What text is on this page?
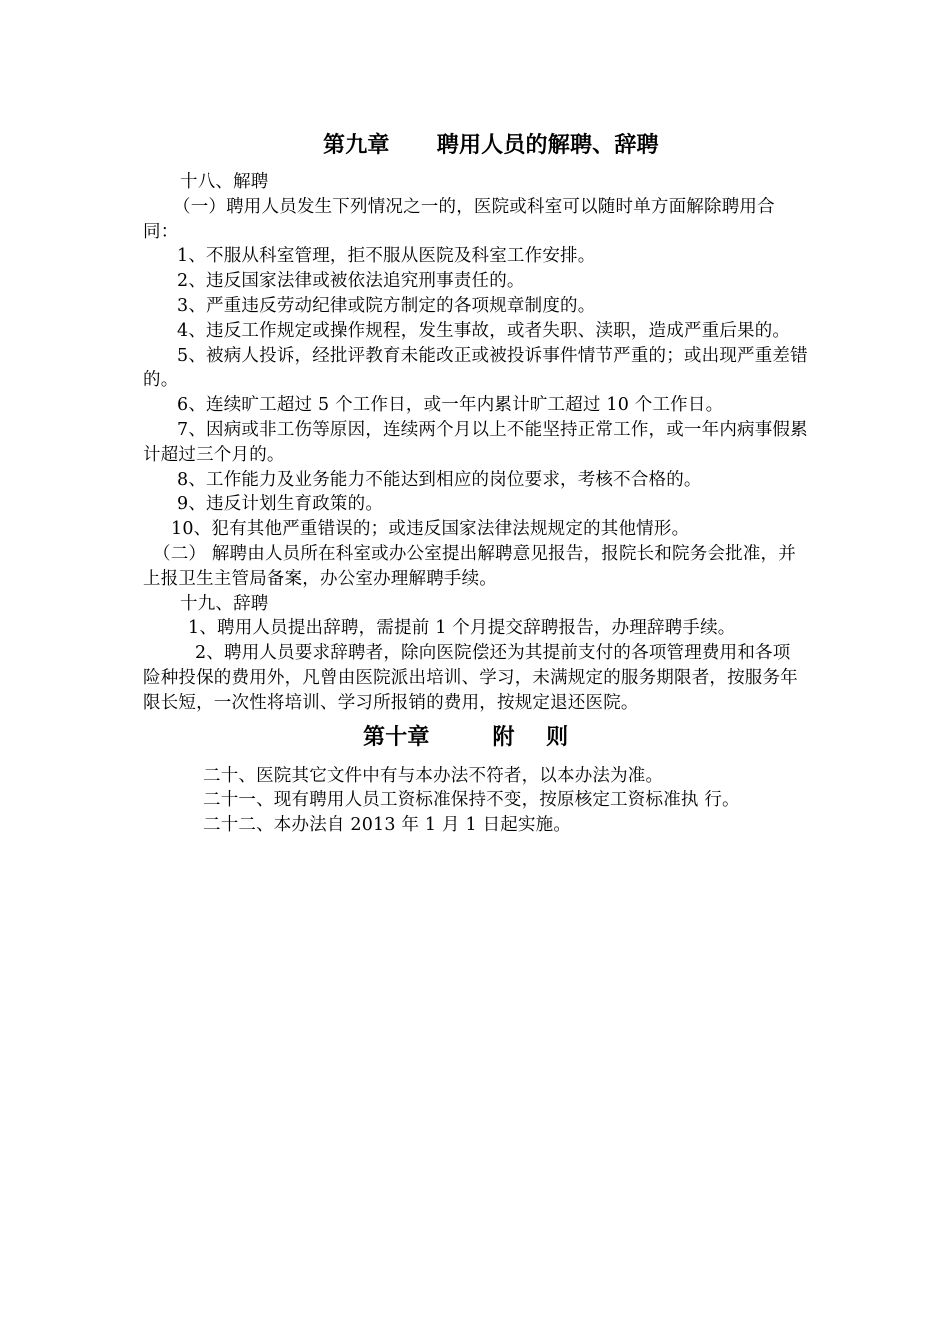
第九章      聘用人员的解聘、辞聘

十八、解聘

（一）聘用人员发生下列情况之一的，医院或科室可以随时单方面解除聘用合同：

1、不服从科室管理，拒不服从医院及科室工作安排。

2、违反国家法律或被依法追究刑事责任的。

3、严重违反劳动纪律或院方制定的各项规章制度的。

4、违反工作规定或操作规程，发生事故，或者失职、渎职，造成严重后果的。

5、被病人投诉，经批评教育未能改正或被投诉事件情节严重的；或出现严重差错的。

6、连续旷工超过 5 个工作日，或一年内累计旷工超过 10 个工作日。

7、因病或非工伤等原因，连续两个月以上不能坚持正常工作，或一年内病事假累计超过三个月的。

8、工作能力及业务能力不能达到相应的岗位要求，考核不合格的。

9、违反计划生育政策的。

10、犯有其他严重错误的；或违反国家法律法规规定的其他情形。

（二） 解聘由人员所在科室或办公室提出解聘意见报告，报院长和院务会批准，并上报卫生主管局备案，办公室办理解聘手续。

十九、辞聘

1、聘用人员提出辞聘，需提前 1 个月提交辞聘报告，办理辞聘手续。

2、聘用人员要求辞聘者，除向医院偿还为其提前支付的各项管理费用和各项险种投保的费用外，凡曾由医院派出培训、学习，未满规定的服务期限者，按服务年限长短，一次性将培训、学习所报销的费用，按规定退还医院。

第十章        附    则

二十、医院其它文件中有与本办法不符者，以本办法为准。

二十一、现有聘用人员工资标准保持不变，按原核定工资标准执 行。

二十二、本办法自 2013 年 1 月 1 日起实施。
